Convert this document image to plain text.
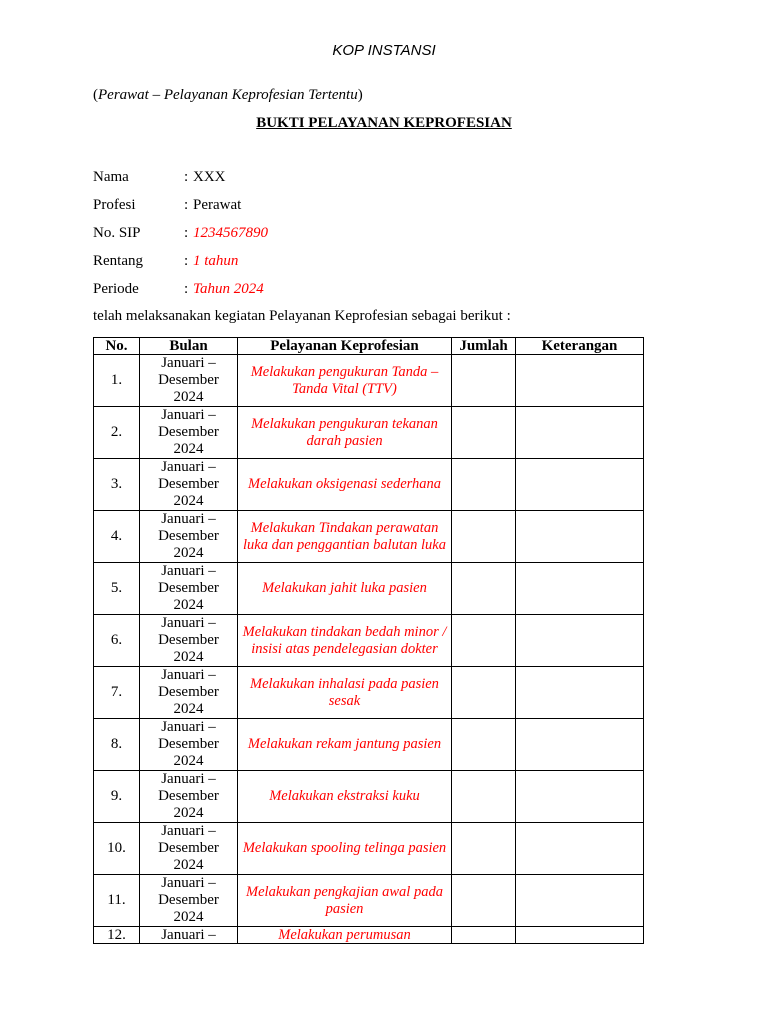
KOP INSTANSI
(Perawat – Pelayanan Keprofesian Tertentu)
BUKTI PELAYANAN KEPROFESIAN
Nama	: XXX
Profesi	: Perawat
No. SIP	: 1234567890
Rentang	: 1 tahun
Periode	: Tahun 2024
telah melaksanakan kegiatan Pelayanan Keprofesian sebagai berikut :
No.	Bulan	Pelayanan Keprofesian	Jumlah	Keterangan
1.	Januari – Desember 2024	Melakukan pengukuran Tanda – Tanda Vital (TTV)		
2.	Januari – Desember 2024	Melakukan pengukuran tekanan darah pasien		
3.	Januari – Desember 2024	Melakukan oksigenasi sederhana		
4.	Januari – Desember 2024	Melakukan Tindakan perawatan luka dan penggantian balutan luka		
5.	Januari – Desember 2024	Melakukan jahit luka pasien		
6.	Januari – Desember 2024	Melakukan tindakan bedah minor / insisi atas pendelegasian dokter		
7.	Januari – Desember 2024	Melakukan inhalasi pada pasien sesak		
8.	Januari – Desember 2024	Melakukan rekam jantung pasien		
9.	Januari – Desember 2024	Melakukan ekstraksi kuku		
10.	Januari – Desember 2024	Melakukan spooling telinga pasien		
11.	Januari – Desember 2024	Melakukan pengkajian awal pada pasien		
12.	Januari –	Melakukan perumusan		
